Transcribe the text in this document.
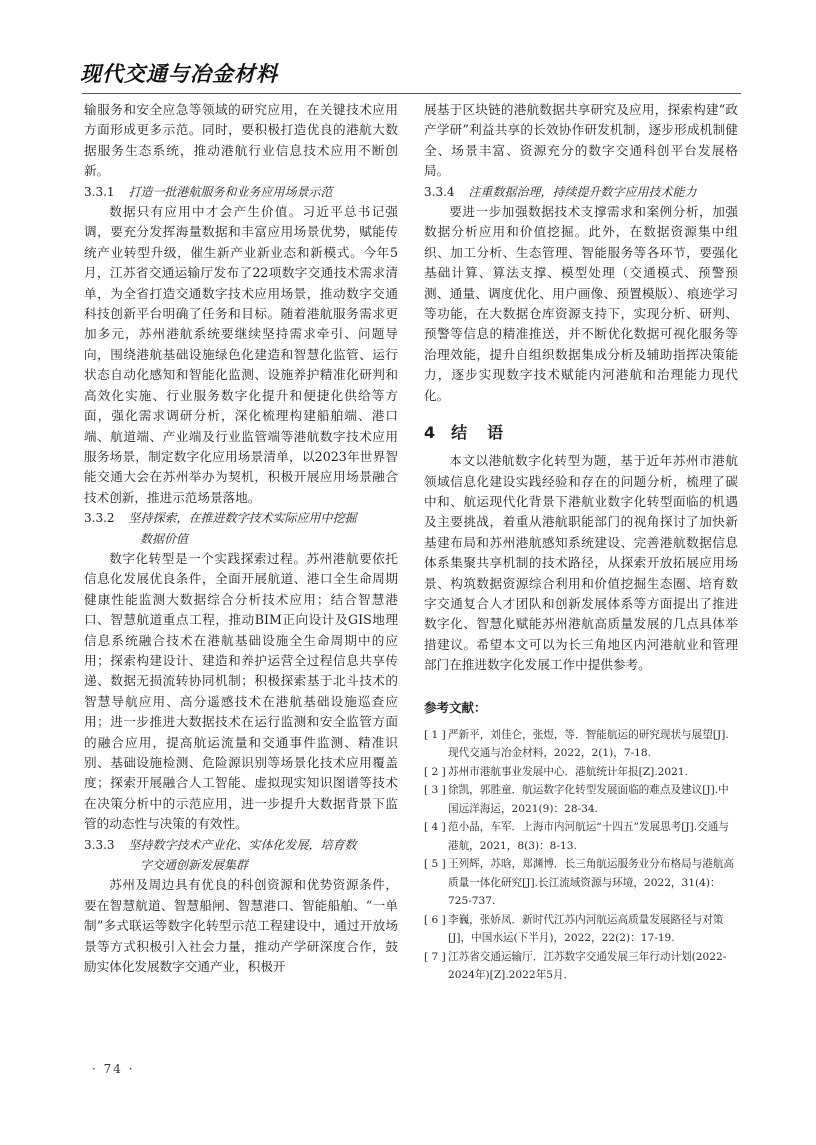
现代交通与冶金材料

输服务和安全应急等领域的研究应用，在关键技术应用方面形成更多示范。同时，要积极打造优良的港航大数据服务生态系统，推动港航行业信息技术应用不断创新。

3.3.1 打造一批港航服务和业务应用场景示范

数据只有应用中才会产生价值。习近平总书记强调，要充分发挥海量数据和丰富应用场景优势，赋能传统产业转型升级，催生新产业新业态和新模式。今年5月，江苏省交通运输厅发布了22项数字交通技术需求清单，为全省打造交通数字技术应用场景，推动数字交通科技创新平台明确了任务和目标。随着港航服务需求更加多元，苏州港航系统要继续坚持需求牵引、问题导向，围绕港航基础设施绿色化建造和智慧化监管、运行状态自动化感知和智能化监测、设施养护精准化研判和高效化实施、行业服务数字化提升和便捷化供给等方面，强化需求调研分析，深化梳理构建船舶端、港口端、航道端、产业端及行业监管端等港航数字技术应用服务场景，制定数字化应用场景清单，以2023年世界智能交通大会在苏州举办为契机，积极开展应用场景融合技术创新，推进示范场景落地。

3.3.2 坚持探索，在推进数字技术实际应用中挖掘
数据价值

数字化转型是一个实践探索过程。苏州港航要依托信息化发展优良条件，全面开展航道、港口全生命周期健康性能监测大数据综合分析技术应用；结合智慧港口、智慧航道重点工程，推动BIM正向设计及GIS地理信息系统融合技术在港航基础设施全生命周期中的应用；探索构建设计、建造和养护运营全过程信息共享传递、数据无损流转协同机制；积极探索基于北斗技术的智慧导航应用、高分遥感技术在港航基础设施巡查应用；进一步推进大数据技术在运行监测和安全监管方面的融合应用，提高航运流量和交通事件监测、精准识别、基础设施检测、危险源识别等场景化技术应用覆盖度；探索开展融合人工智能、虚拟现实知识图谱等技术在决策分析中的示范应用，进一步提升大数据背景下监管的动态性与决策的有效性。

3.3.3 坚持数字技术产业化、实体化发展，培育数
字交通创新发展集群

苏州及周边具有优良的科创资源和优势资源条件，要在智慧航道、智慧船闸、智慧港口、智能船舶、“一单制”多式联运等数字化转型示范工程建设中，通过开放场景等方式积极引入社会力量，推动产学研深度合作，鼓励实体化发展数字交通产业，积极开

展基于区块链的港航数据共享研究及应用，探索构建“政产学研”利益共享的长效协作研发机制，逐步形成机制健全、场景丰富、资源充分的数字交通科创平台发展格局。

3.3.4 注重数据治理，持续提升数字应用技术能力

要进一步加强数据技术支撑需求和案例分析，加强数据分析应用和价值挖掘。此外，在数据资源集中组织、加工分析、生态管理、智能服务等各环节，要强化基础计算、算法支撑、模型处理（交通模式、预警预测、通量、调度优化、用户画像、预置模版）、痕迹学习等功能，在大数据仓库资源支持下，实现分析、研判、预警等信息的精准推送，并不断优化数据可视化服务等治理效能，提升自组织数据集成分析及辅助指挥决策能力，逐步实现数字技术赋能内河港航和治理能力现代化。

4 结　语

本文以港航数字化转型为题，基于近年苏州市港航领域信息化建设实践经验和存在的问题分析，梳理了碳中和、航运现代化背景下港航业数字化转型面临的机遇及主要挑战，着重从港航职能部门的视角探讨了加快新基建布局和苏州港航感知系统建设、完善港航数据信息体系集聚共享机制的技术路径，从探索开放拓展应用场景、构筑数据资源综合利用和价值挖掘生态圈、培育数字交通复合人才团队和创新发展体系等方面提出了推进数字化、智慧化赋能苏州港航高质量发展的几点具体举措建议。希望本文可以为长三角地区内河港航业和管理部门在推进数字化发展工作中提供参考。

参考文献：

[ 1 ] 严新平，刘佳仑，张煜，等．智能航运的研究现状与展望[J].现代交通与冶金材料，2022，2(1)，7-18.

[ 2 ] 苏州市港航事业发展中心．港航统计年报[Z].2021.

[ 3 ] 徐凯，郭胜童．航运数字化转型发展面临的难点及建议[J].中国远洋海运，2021(9)：28-34.

[ 4 ] 范小晶，车军．上海市内河航运“十四五”发展思考[J].交通与港航，2021，8(3)：8-13.

[ 5 ] 王列辉，苏晗，郑渊博．长三角航运服务业分布格局与港航高质量一体化研究[J].长江流域资源与环境，2022，31(4)：725-737.

[ 6 ] 李巍，张娇凤．新时代江苏内河航运高质量发展路径与对策[J]，中国水运(下半月)，2022，22(2)：17-19.

[ 7 ] 江苏省交通运输厅．江苏数字交通发展三年行动计划(2022-2024年)[Z].2022年5月．

· 74 ·
